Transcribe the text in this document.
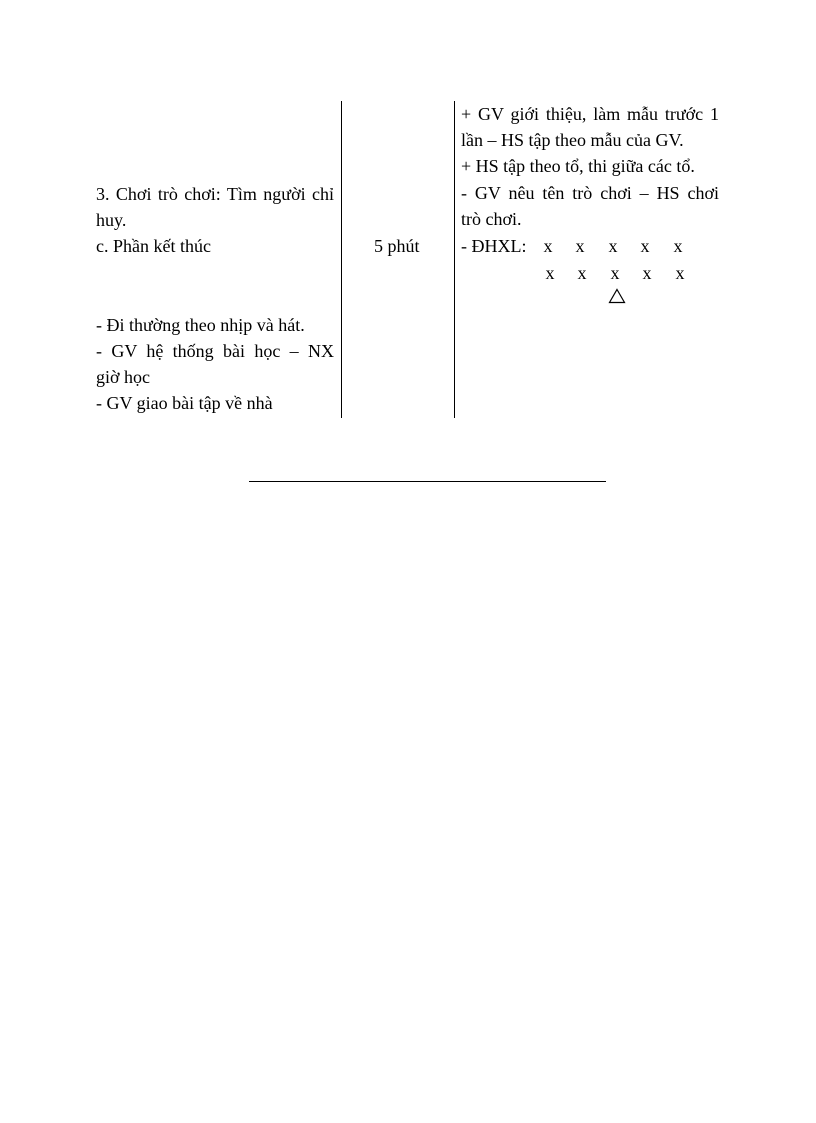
3. Chơi trò chơi: Tìm người chỉ
huy.
c. Phần kết thúc
- Đi thường theo nhịp và hát.
- GV hệ thống bài học – NX
giờ học
- GV giao bài tập về nhà
5 phút
+ GV giới thiệu, làm mẫu trước 1
lần – HS tập theo mẫu của GV.
+ HS tập theo tổ, thi giữa các tổ.
- GV nêu tên trò chơi – HS chơi
trò chơi.
- ĐHXL: x x x x x
x x x x x
